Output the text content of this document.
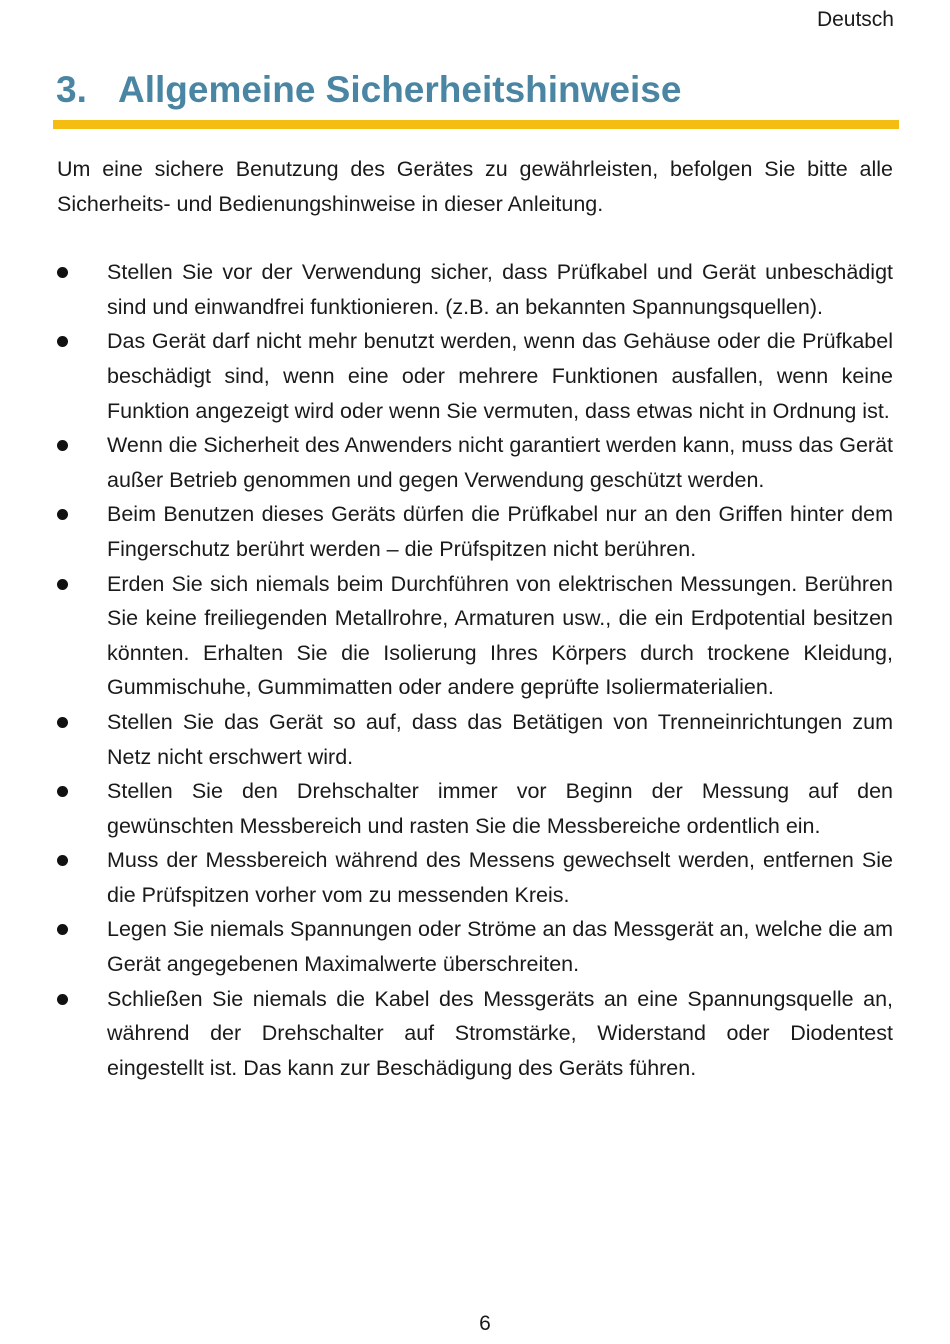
Deutsch
3. Allgemeine Sicherheitshinweise

Um eine sichere Benutzung des Gerätes zu gewährleisten, befolgen Sie bitte alle Sicherheits- und Bedienungshinweise in dieser Anleitung.

Stellen Sie vor der Verwendung sicher, dass Prüfkabel und Gerät unbeschädigt sind und einwandfrei funktionieren. (z.B. an bekannten Spannungsquellen).
Das Gerät darf nicht mehr benutzt werden, wenn das Gehäuse oder die Prüfkabel beschädigt sind, wenn eine oder mehrere Funktionen ausfallen, wenn keine Funktion angezeigt wird oder wenn Sie vermuten, dass etwas nicht in Ordnung ist.
Wenn die Sicherheit des Anwenders nicht garantiert werden kann, muss das Gerät außer Betrieb genommen und gegen Verwendung geschützt werden.
Beim Benutzen dieses Geräts dürfen die Prüfkabel nur an den Griffen hinter dem Fingerschutz berührt werden – die Prüfspitzen nicht berühren.
Erden Sie sich niemals beim Durchführen von elektrischen Messungen. Berühren Sie keine freiliegenden Metallrohre, Armaturen usw., die ein Erdpotential besitzen könnten. Erhalten Sie die Isolierung Ihres Körpers durch trockene Kleidung, Gummischuhe, Gummimatten oder andere geprüfte Isoliermaterialien.
Stellen Sie das Gerät so auf, dass das Betätigen von Trenneinrichtungen zum Netz nicht erschwert wird.
Stellen Sie den Drehschalter immer vor Beginn der Messung auf den gewünschten Messbereich und rasten Sie die Messbereiche ordentlich ein.
Muss der Messbereich während des Messens gewechselt werden, entfernen Sie die Prüfspitzen vorher vom zu messenden Kreis.
Legen Sie niemals Spannungen oder Ströme an das Messgerät an, welche die am Gerät angegebenen Maximalwerte überschreiten.
Schließen Sie niemals die Kabel des Messgeräts an eine Spannungsquelle an, während der Drehschalter auf Stromstärke, Widerstand oder Diodentest eingestellt ist. Das kann zur Beschädigung des Geräts führen.
6
